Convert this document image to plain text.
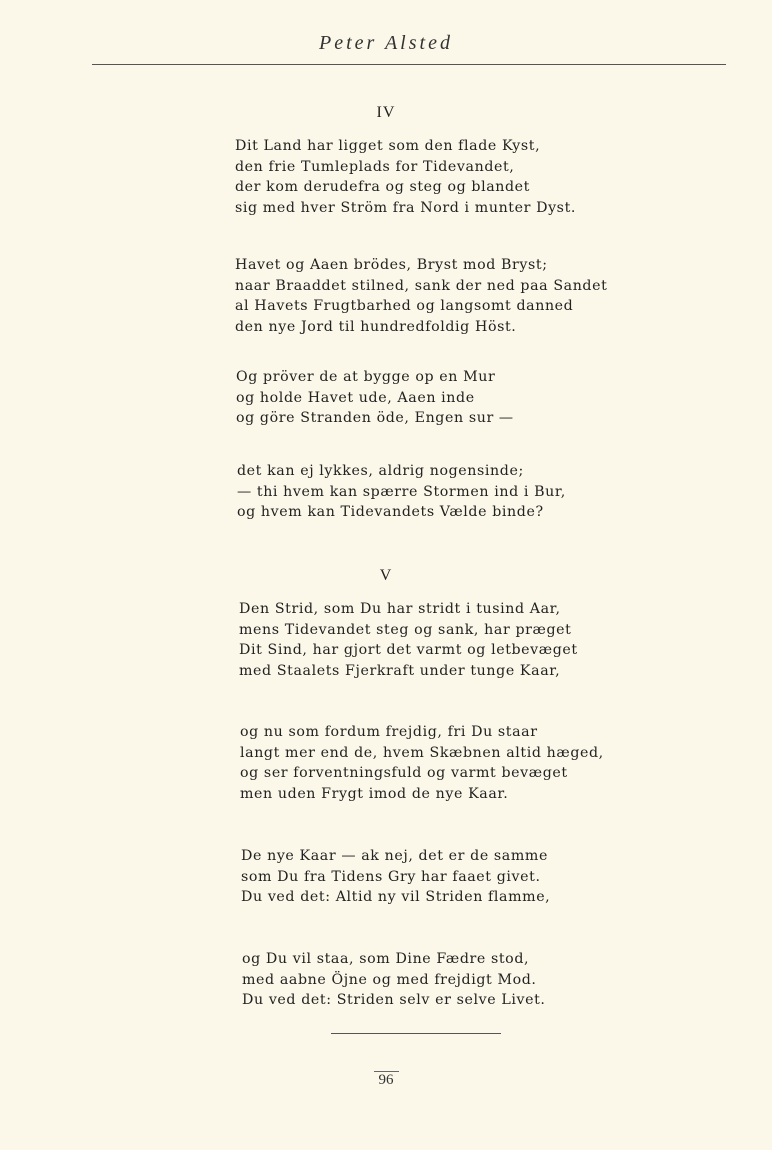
Peter Alsted
IV
Dit Land har ligget som den flade Kyst,
den frie Tumleplads for Tidevandet,
der kom derudefra og steg og blandet
sig med hver Ström fra Nord i munter Dyst.
Havet og Aaen brödes, Bryst mod Bryst;
naar Braaddet stilned, sank der ned paa Sandet
al Havets Frugtbarhed og langsomt danned
den nye Jord til hundredfoldig Höst.
Og pröver de at bygge op en Mur
og holde Havet ude, Aaen inde
og göre Stranden öde, Engen sur —
det kan ej lykkes, aldrig nogensinde;
— thi hvem kan spærre Stormen ind i Bur,
og hvem kan Tidevandets Vælde binde?
V
Den Strid, som Du har stridt i tusind Aar,
mens Tidevandet steg og sank, har præget
Dit Sind, har gjort det varmt og letbevæget
med Staalets Fjerkraft under tunge Kaar,
og nu som fordum frejdig, fri Du staar
langt mer end de, hvem Skæbnen altid hæged,
og ser forventningsfuld og varmt bevæget
men uden Frygt imod de nye Kaar.
De nye Kaar — ak nej, det er de samme
som Du fra Tidens Gry har faaet givet.
Du ved det: Altid ny vil Striden flamme,
og Du vil staa, som Dine Fædre stod,
med aabne Öjne og med frejdigt Mod.
Du ved det: Striden selv er selve Livet.
96
